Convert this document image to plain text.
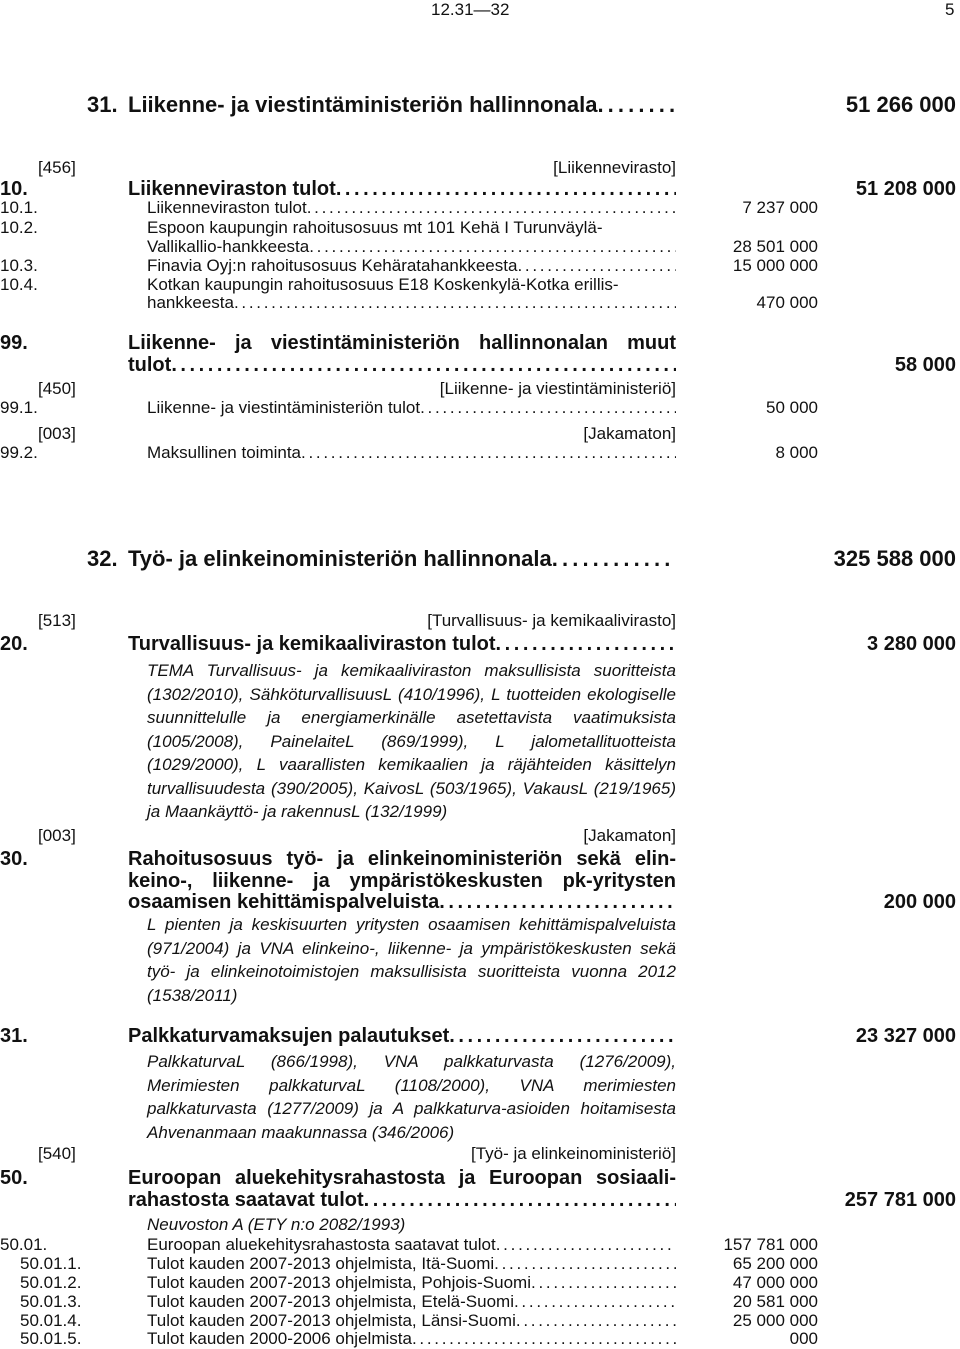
12.31—32	5
31. Liikenne- ja viestintäministeriön hallinnonala . . .	51 266 000
[456]	[Liikennevirasto]
10.	Liikenneviraston tulot . . .	51 208 000
10.1.	Liikenneviraston tulot . . .	7 237 000
10.2.	Espoon kaupungin rahoitusosuus mt 101 Kehä I Turunväylä-
Vallikallio-hankkeesta . . .	28 501 000
10.3.	Finavia Oyj:n rahoitusosuus Kehäratahankkeesta . . .	15 000 000
10.4.	Kotkan kaupungin rahoitusosuus E18 Koskenkylä-Kotka erillis-
hankkeesta . . .	470 000
99.	Liikenne- ja viestintäministeriön hallinnonalan muut
tulot . . .	58 000
[450]	[Liikenne- ja viestintäministeriö]
99.1.	Liikenne- ja viestintäministeriön tulot . . .	50 000
[003]	[Jakamaton]
99.2.	Maksullinen toiminta . . .	8 000
32. Työ- ja elinkeinoministeriön hallinnonala . . .	325 588 000
[513]	[Turvallisuus- ja kemikaalivirasto]
20.	Turvallisuus- ja kemikaaliviraston tulot . . .	3 280 000
TEMA Turvallisuus- ja kemikaaliviraston maksullisista suoritteista (1302/2010), SähköturvallisuusL (410/1996), L tuotteiden ekologiselle suunnittelulle ja energiamerkinälle asetettavista vaatimuksista (1005/2008), PainelaiteL (869/1999), L jalometallituotteista (1029/2000), L vaarallisten kemikaalien ja räjähteiden käsittelyn turvallisuudesta (390/2005), KaivosL (503/1965), VakausL (219/1965) ja Maankäyttö- ja rakennusL (132/1999)
[003]	[Jakamaton]
30.	Rahoitusosuus työ- ja elinkeinoministeriön sekä elin-
keino-, liikenne- ja ympäristökeskusten pk-yritysten
osaamisen kehittämispalveluista . . .	200 000
L pienten ja keskisuurten yritysten osaamisen kehittämispalveluista (971/2004) ja VNA elinkeino-, liikenne- ja ympäristökeskusten sekä työ- ja elinkeinotoimistojen maksullisista suoritteista vuonna 2012 (1538/2011)
31.	Palkkaturvamaksujen palautukset . . .	23 327 000
PalkkaturvaL (866/1998), VNA palkkaturvasta (1276/2009), Merimiesten palkkaturvaL (1108/2000), VNA merimiesten palkkaturvasta (1277/2009) ja A palkkaturva-asioiden hoitamisesta Ahvenanmaan maakunnassa (346/2006)
[540]	[Työ- ja elinkeinoministeriö]
50.	Euroopan aluekehitysrahastosta ja Euroopan sosiaali-
rahastosta saatavat tulot . . .	257 781 000
Neuvoston A (ETY n:o 2082/1993)
50.01.	Euroopan aluekehitysrahastosta saatavat tulot . . .	157 781 000
50.01.1.	Tulot kauden 2007-2013 ohjelmista, Itä-Suomi . . .	65 200 000
50.01.2.	Tulot kauden 2007-2013 ohjelmista, Pohjois-Suomi . . .	47 000 000
50.01.3.	Tulot kauden 2007-2013 ohjelmista, Etelä-Suomi . . .	20 581 000
50.01.4.	Tulot kauden 2007-2013 ohjelmista, Länsi-Suomi . . .	25 000 000
50.01.5.	Tulot kauden 2000-2006 ohjelmista . . .	000
